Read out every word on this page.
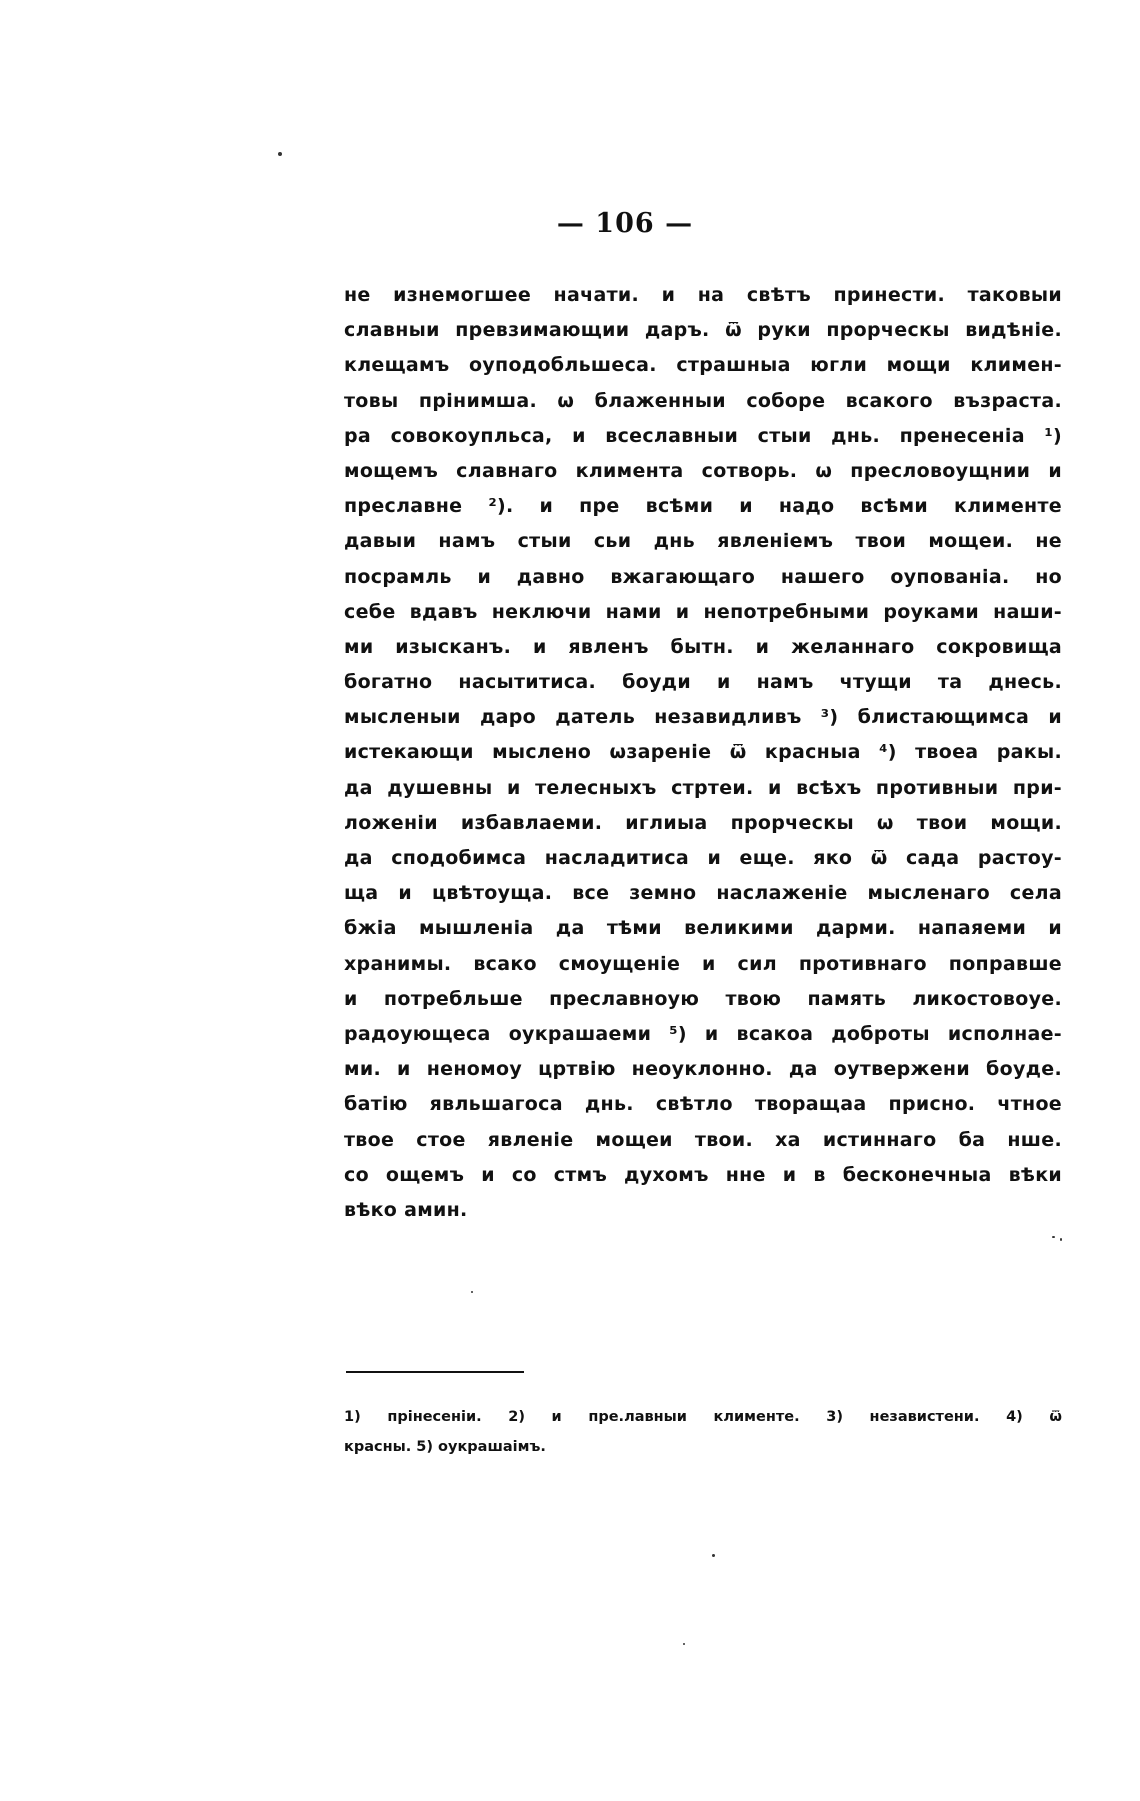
— 106 —
не изнемогшее начати. и на свѣтъ принести. таковыи
славныи превзимающии даръ. ѿ руки прорческы видѣніе.
клещамъ оуподобльшеса. страшныа югли мощи климен-
товы прінимша. ѡ блаженныи соборе всакого възраста.
ра совокоупльса, и всеславныи стыи днь. пренесеніа ¹)
мощемъ славнаго климента сотворь. ѡ пресловоущнии и
преславне ²). и пре всѣми и надо всѣми клименте
давыи намъ стыи сьи днь явленіемъ твои мощеи. не
посрамль и давно вжагающаго нашего оупованіа. но
себе вдавъ неключи нами и непотребными роуками наши-
ми изысканъ. и явленъ бытн. и желаннаго сокровища
богатно насытитиса. боуди и намъ чтущи та днесь.
мысленыи даро датель незавидливъ ³) блистающимса и
истекающи мыслено ѡзареніе ѿ красныа ⁴) твоеа ракы.
да душевны и телесныхъ стртеи. и всѣхъ противныи при-
ложеніи избавлаеми. иглиыа прорческы ѡ твои мощи.
да сподобимса насладитиса и еще. яко ѿ сада растоу-
ща и цвѣтоуща. все земно наслаженіе мысленаго села
бжіа мышленіа да тѣми великими дарми. напаяеми и
хранимы. всако смоущеніе и сил противнаго поправше
и потребльше преславноую твою память ликостовоуе.
радоующеса оукрашаеми ⁵) и всакоа доброты исполнае-
ми. и неномоу цртвію неоуклонно. да оутвержени боуде.
батію явльшагоса днь. свѣтло творащаа присно. чтное
твое стое явленіе мощеи твои. ха истиннаго ба нше.
со ощемъ и со стмъ духомъ нне и в бесконечныа вѣки
вѣко амин.
1) прінесеніи. 2) и пре.лавныи клименте. 3) независтени. 4) ѿ
красны. 5) оукрашаімъ.
